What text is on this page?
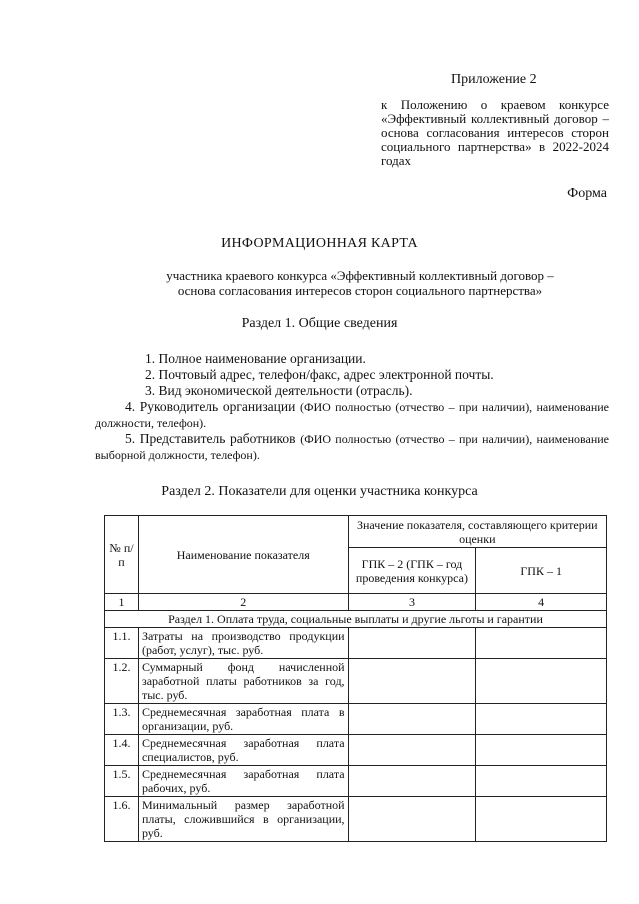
Приложение 2
к Положению о краевом конкурсе «Эффективный коллективный договор – основа согласования интересов сторон социального партнерства» в 2022-2024 годах
Форма
ИНФОРМАЦИОННАЯ КАРТА
участника краевого конкурса «Эффективный коллективный договор –
основа согласования интересов сторон социального партнерства»
Раздел 1. Общие сведения

1. Полное наименование организации.

2. Почтовый адрес, телефон/факс, адрес электронной почты.

3. Вид экономической деятельности (отрасль).

4. Руководитель организации (ФИО полностью (отчество – при наличии), наименование должности, телефон).

5. Представитель работников (ФИО полностью (отчество – при наличии), наименование выборной должности, телефон).

Раздел 2. Показатели для оценки участника конкурса
№ п/п	Наименование показателя	Значение показателя, составляющего критерии оценки	
		ГПК – 2 (ГПК – год проведения конкурса)	ГПК – 1
1	2	3	4
Раздел 1. Оплата труда, социальные выплаты и другие льготы и гарантии			
1.1.	Затраты на производство продукции (работ, услуг), тыс. руб.		
1.2.	Суммарный фонд начисленной заработной платы работников за год, тыс. руб.		
1.3.	Среднемесячная заработная плата в организации, руб.		
1.4.	Среднемесячная заработная плата специалистов, руб.		
1.5.	Среднемесячная заработная плата рабочих, руб.		
1.6.	Минимальный размер заработной платы, сложившийся в организации, руб.		
